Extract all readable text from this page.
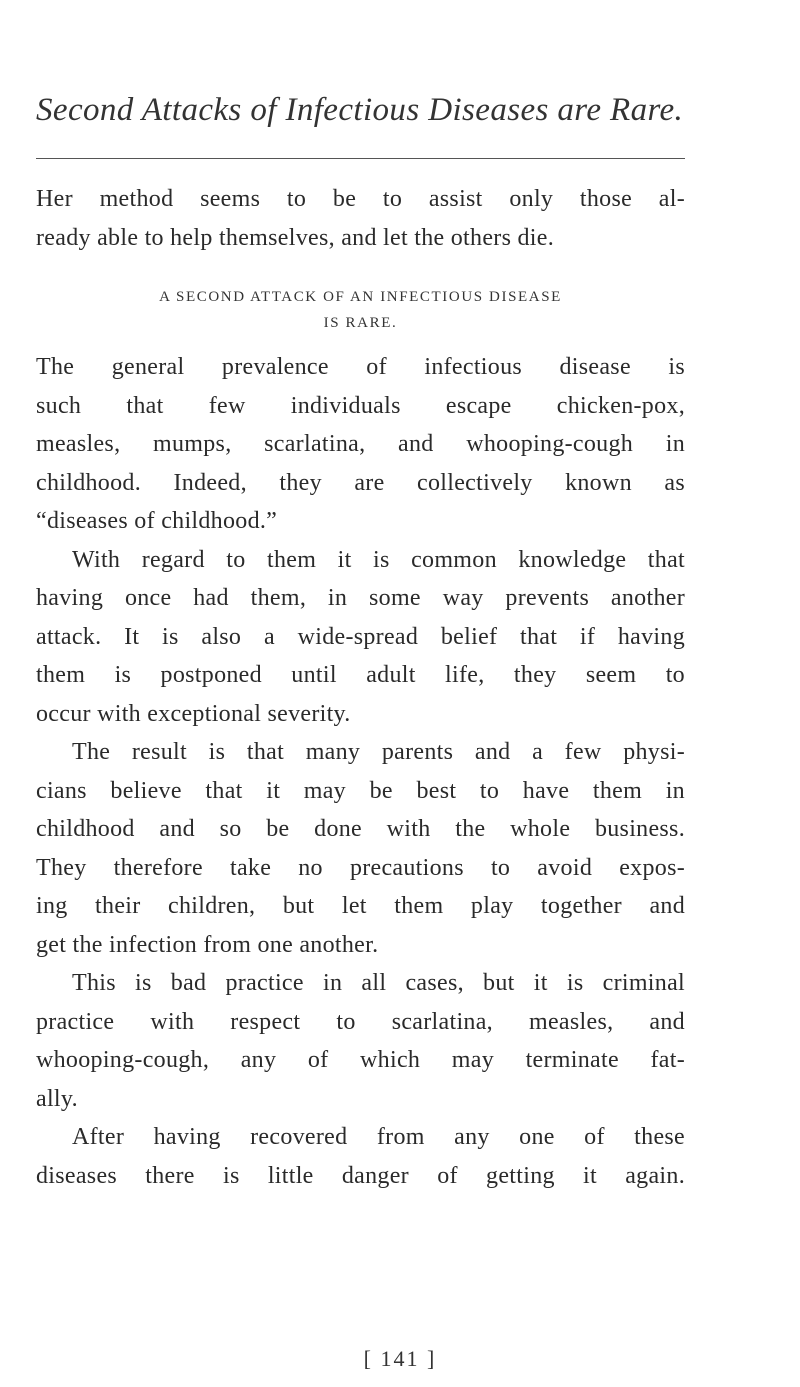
Second Attacks of Infectious Diseases are Rare.
Her method seems to be to assist only those al-
ready able to help themselves, and let the others die.
A SECOND ATTACK OF AN INFECTIOUS DISEASE
IS RARE.
The general prevalence of infectious disease is
such that few individuals escape chicken-pox,
measles, mumps, scarlatina, and whooping-cough in
childhood. Indeed, they are collectively known as
“diseases of childhood.”
With regard to them it is common knowledge that
having once had them, in some way prevents another
attack. It is also a wide-spread belief that if having
them is postponed until adult life, they seem to
occur with exceptional severity.
The result is that many parents and a few physi-
cians believe that it may be best to have them in
childhood and so be done with the whole business.
They therefore take no precautions to avoid expos-
ing their children, but let them play together and
get the infection from one another.
This is bad practice in all cases, but it is criminal
practice with respect to scarlatina, measles, and
whooping-cough, any of which may terminate fat-
ally.
After having recovered from any one of these
diseases there is little danger of getting it again.
[ 141 ]
